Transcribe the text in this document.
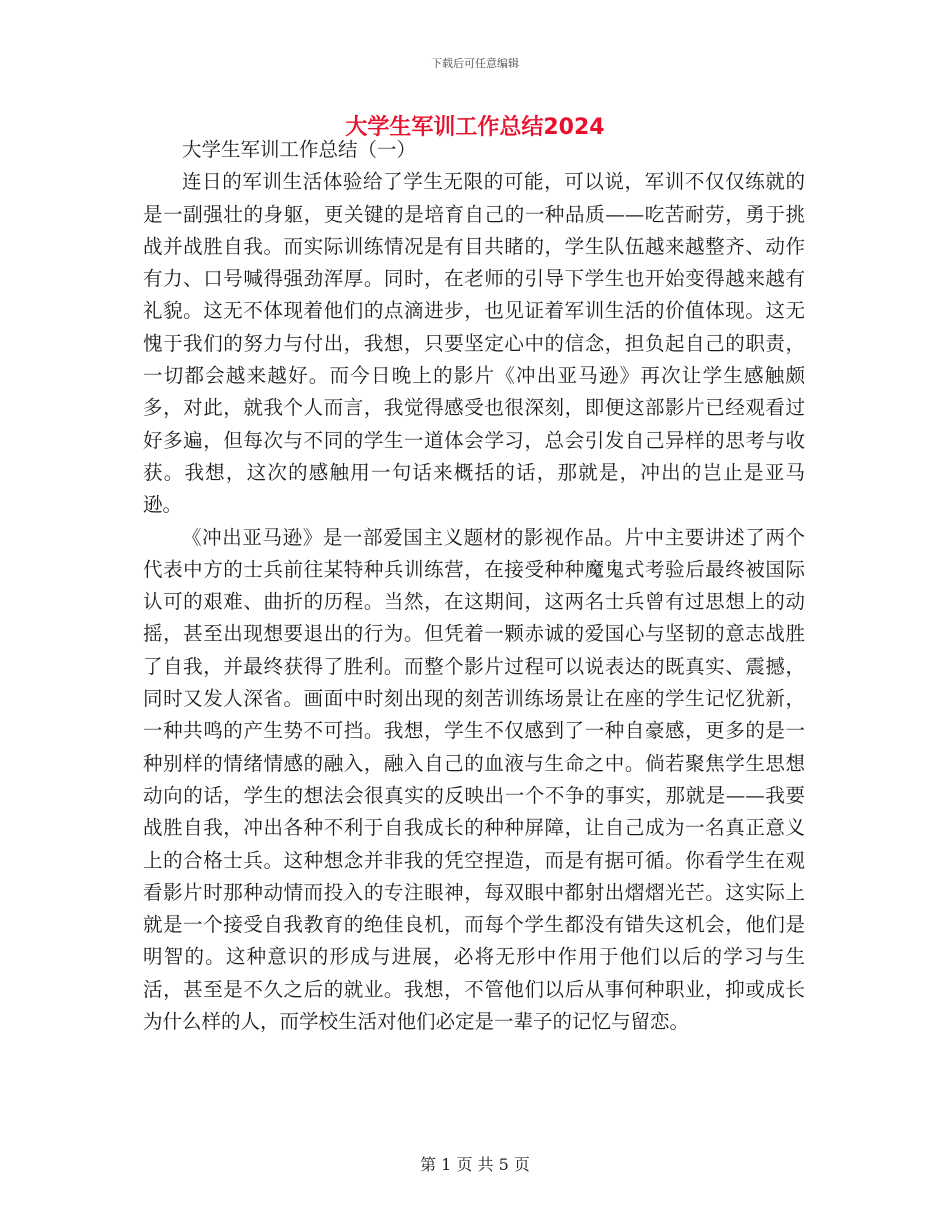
下载后可任意编辑
大学生军训工作总结2024

大学生军训工作总结（一）

连日的军训生活体验给了学生无限的可能，可以说，军训不仅仅练就的是一副强壮的身躯，更关键的是培育自己的一种品质——吃苦耐劳，勇于挑战并战胜自我。而实际训练情况是有目共睹的，学生队伍越来越整齐、动作有力、口号喊得强劲浑厚。同时，在老师的引导下学生也开始变得越来越有礼貌。这无不体现着他们的点滴进步，也见证着军训生活的价值体现。这无愧于我们的努力与付出，我想，只要坚定心中的信念，担负起自己的职责，一切都会越来越好。而今日晚上的影片《冲出亚马逊》再次让学生感触颇多，对此，就我个人而言，我觉得感受也很深刻，即便这部影片已经观看过好多遍，但每次与不同的学生一道体会学习，总会引发自己异样的思考与收获。我想，这次的感触用一句话来概括的话，那就是，冲出的岂止是亚马逊。

《冲出亚马逊》是一部爱国主义题材的影视作品。片中主要讲述了两个代表中方的士兵前往某特种兵训练营，在接受种种魔鬼式考验后最终被国际认可的艰难、曲折的历程。当然，在这期间，这两名士兵曾有过思想上的动摇，甚至出现想要退出的行为。但凭着一颗赤诚的爱国心与坚韧的意志战胜了自我，并最终获得了胜利。而整个影片过程可以说表达的既真实、震撼，同时又发人深省。画面中时刻出现的刻苦训练场景让在座的学生记忆犹新，一种共鸣的产生势不可挡。我想，学生不仅感到了一种自豪感，更多的是一种别样的情绪情感的融入，融入自己的血液与生命之中。倘若聚焦学生思想动向的话，学生的想法会很真实的反映出一个不争的事实，那就是——我要战胜自我，冲出各种不利于自我成长的种种屏障，让自己成为一名真正意义上的合格士兵。这种想念并非我的凭空捏造，而是有据可循。你看学生在观看影片时那种动情而投入的专注眼神，每双眼中都射出熠熠光芒。这实际上就是一个接受自我教育的绝佳良机，而每个学生都没有错失这机会，他们是明智的。这种意识的形成与进展，必将无形中作用于他们以后的学习与生活，甚至是不久之后的就业。我想，不管他们以后从事何种职业，抑或成长为什么样的人，而学校生活对他们必定是一辈子的记忆与留恋。

第 1 页 共 5 页
